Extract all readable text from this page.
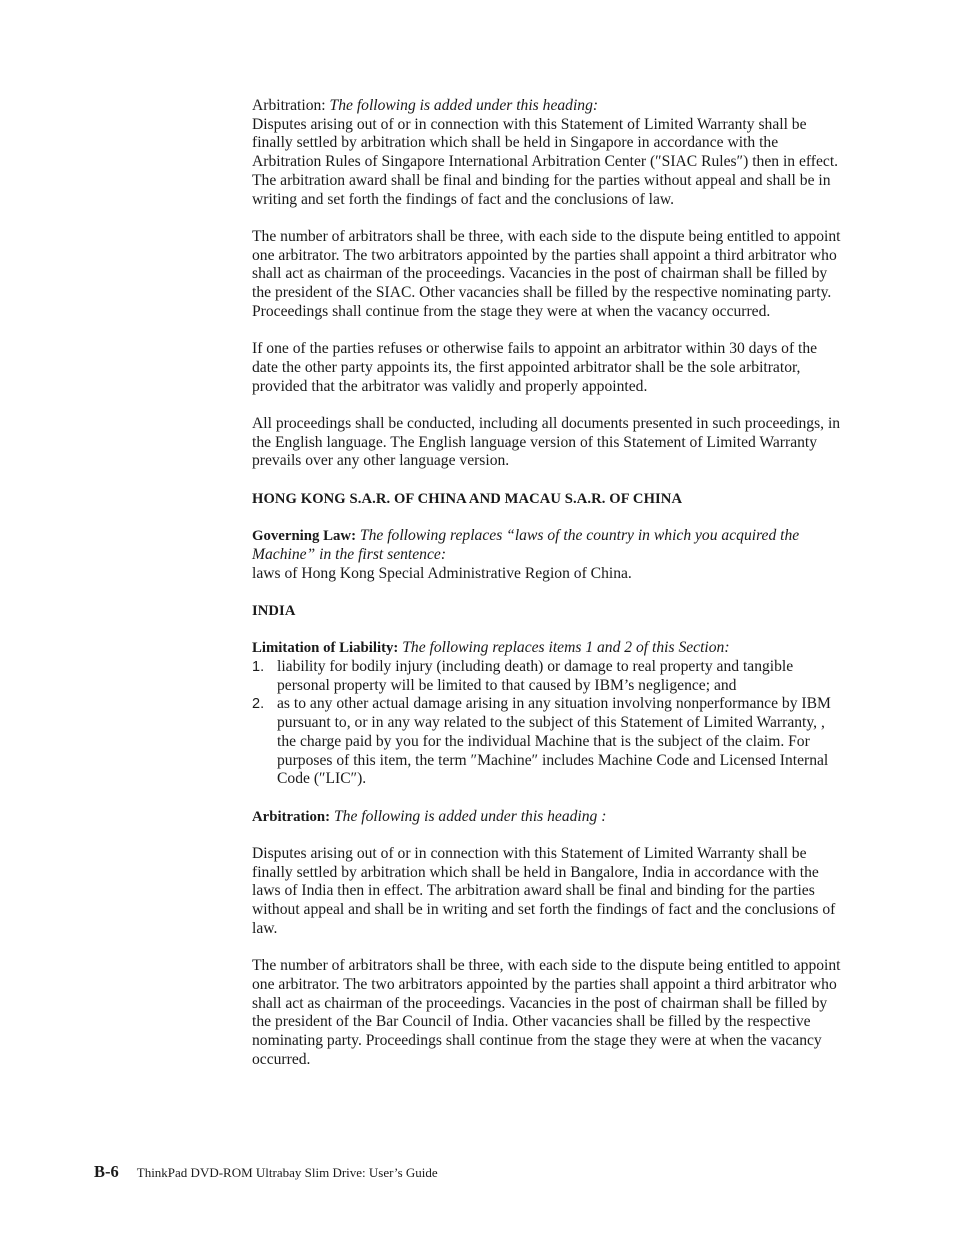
Arbitration: The following is added under this heading:

Disputes arising out of or in connection with this Statement of Limited Warranty shall be finally settled by arbitration which shall be held in Singapore in accordance with the Arbitration Rules of Singapore International Arbitration Center (″SIAC Rules″) then in effect. The arbitration award shall be final and binding for the parties without appeal and shall be in writing and set forth the findings of fact and the conclusions of law.

The number of arbitrators shall be three, with each side to the dispute being entitled to appoint one arbitrator. The two arbitrators appointed by the parties shall appoint a third arbitrator who shall act as chairman of the proceedings. Vacancies in the post of chairman shall be filled by the president of the SIAC. Other vacancies shall be filled by the respective nominating party. Proceedings shall continue from the stage they were at when the vacancy occurred.

If one of the parties refuses or otherwise fails to appoint an arbitrator within 30 days of the date the other party appoints its, the first appointed arbitrator shall be the sole arbitrator, provided that the arbitrator was validly and properly appointed.

All proceedings shall be conducted, including all documents presented in such proceedings, in the English language. The English language version of this Statement of Limited Warranty prevails over any other language version.

HONG KONG S.A.R. OF CHINA AND MACAU S.A.R. OF CHINA
Governing Law: The following replaces “laws of the country in which you acquired the Machine” in the first sentence:

laws of Hong Kong Special Administrative Region of China.

INDIA
Limitation of Liability: The following replaces items 1 and 2 of this Section:
1. liability for bodily injury (including death) or damage to real property and tangible personal property will be limited to that caused by IBM’s negligence; and
2. as to any other actual damage arising in any situation involving nonperformance by IBM pursuant to, or in any way related to the subject of this Statement of Limited Warranty, , the charge paid by you for the individual Machine that is the subject of the claim. For purposes of this item, the term ″Machine″ includes Machine Code and Licensed Internal Code (″LIC″).
Arbitration: The following is added under this heading :

Disputes arising out of or in connection with this Statement of Limited Warranty shall be finally settled by arbitration which shall be held in Bangalore, India in accordance with the laws of India then in effect. The arbitration award shall be final and binding for the parties without appeal and shall be in writing and set forth the findings of fact and the conclusions of law.

The number of arbitrators shall be three, with each side to the dispute being entitled to appoint one arbitrator. The two arbitrators appointed by the parties shall appoint a third arbitrator who shall act as chairman of the proceedings. Vacancies in the post of chairman shall be filled by the president of the Bar Council of India. Other vacancies shall be filled by the respective nominating party. Proceedings shall continue from the stage they were at when the vacancy occurred.

B-6 ThinkPad DVD-ROM Ultrabay Slim Drive: User’s Guide
